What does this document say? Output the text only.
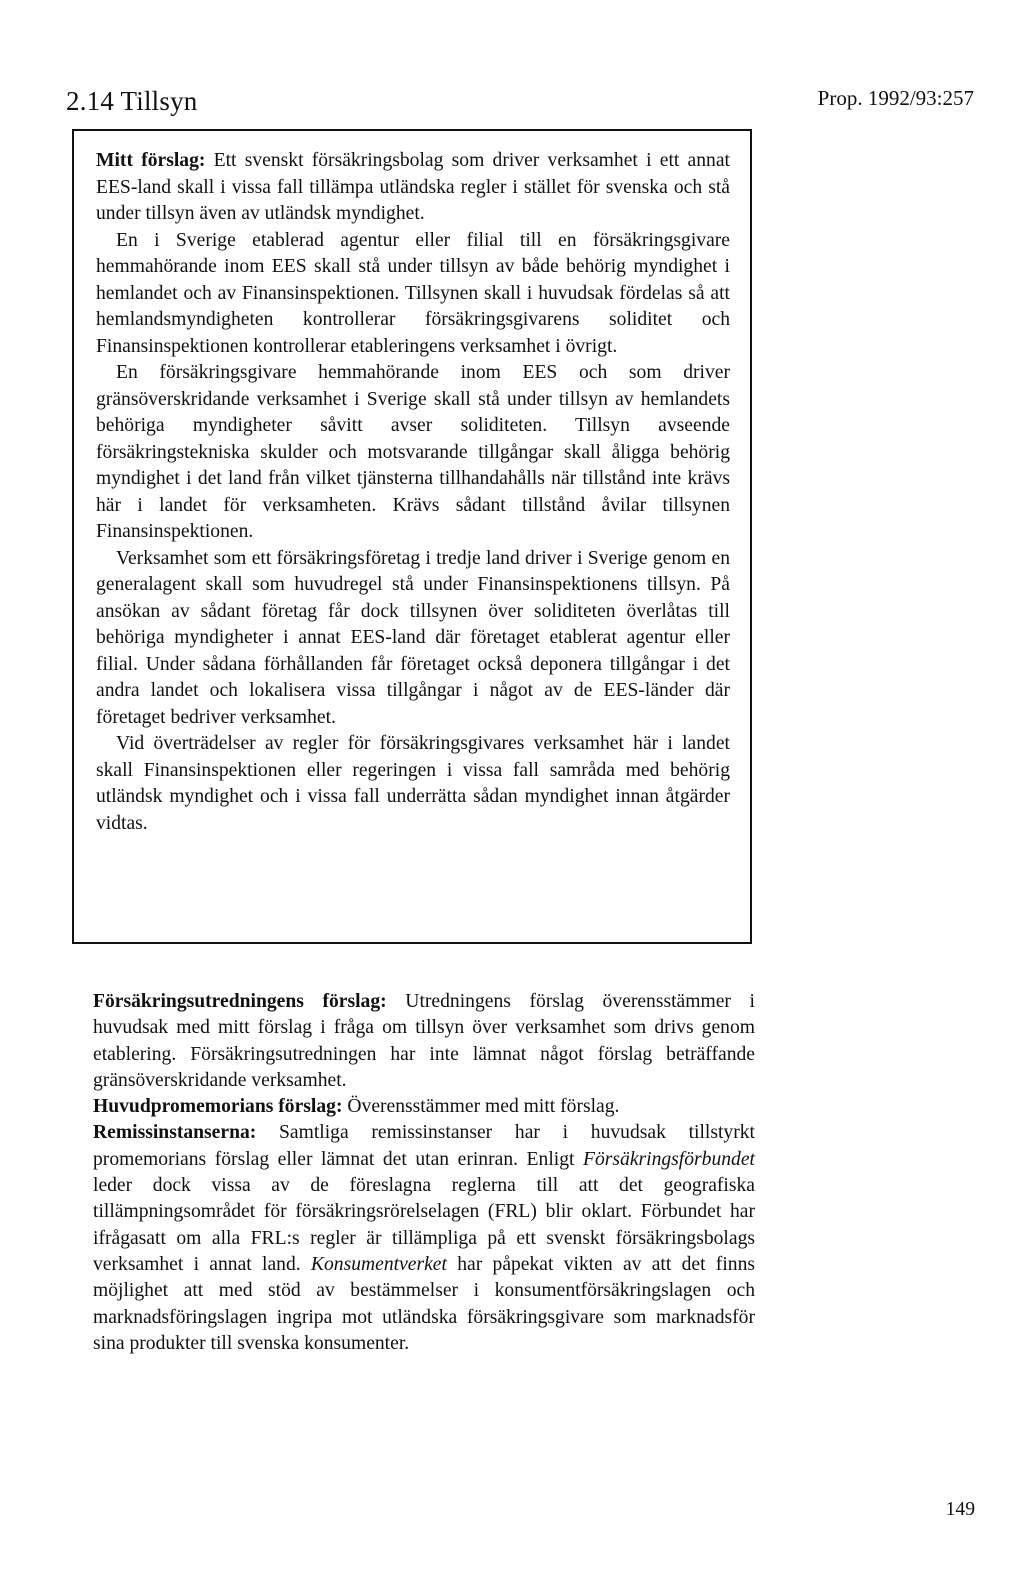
2.14 Tillsyn	Prop. 1992/93:257

Mitt förslag: Ett svenskt försäkringsbolag som driver verksamhet i ett annat EES-land skall i vissa fall tillämpa utländska regler i stället för svenska och stå under tillsyn även av utländsk myndighet.

En i Sverige etablerad agentur eller filial till en försäkringsgivare hemmahörande inom EES skall stå under tillsyn av både behörig myndighet i hemlandet och av Finansinspektionen. Tillsynen skall i huvudsak fördelas så att hemlandsmyndigheten kontrollerar försäkringsgivarens soliditet och Finansinspektionen kontrollerar etableringens verksamhet i övrigt.

En försäkringsgivare hemmahörande inom EES och som driver gränsöverskridande verksamhet i Sverige skall stå under tillsyn av hemlandets behöriga myndigheter såvitt avser soliditeten. Tillsyn avseende försäkringstekniska skulder och motsvarande tillgångar skall åligga behörig myndighet i det land från vilket tjänsterna tillhandahålls när tillstånd inte krävs här i landet för verksamheten. Krävs sådant tillstånd åvilar tillsynen Finansinspektionen.

Verksamhet som ett försäkringsföretag i tredje land driver i Sverige genom en generalagent skall som huvudregel stå under Finansinspektionens tillsyn. På ansökan av sådant företag får dock tillsynen över soliditeten överlåtas till behöriga myndigheter i annat EES-land där företaget etablerat agentur eller filial. Under sådana förhållanden får företaget också deponera tillgångar i det andra landet och lokalisera vissa tillgångar i något av de EES-länder där företaget bedriver verksamhet.

Vid överträdelser av regler för försäkringsgivares verksamhet här i landet skall Finansinspektionen eller regeringen i vissa fall samråda med behörig utländsk myndighet och i vissa fall underrätta sådan myndighet innan åtgärder vidtas.

Försäkringsutredningens förslag: Utredningens förslag överensstämmer i huvudsak med mitt förslag i fråga om tillsyn över verksamhet som drivs genom etablering. Försäkringsutredningen har inte lämnat något förslag beträffande gränsöverskridande verksamhet.

Huvudpromemorians förslag: Överensstämmer med mitt förslag.

Remissinstanserna: Samtliga remissinstanser har i huvudsak tillstyrkt promemorians förslag eller lämnat det utan erinran. Enligt Försäkringsförbundet leder dock vissa av de föreslagna reglerna till att det geografiska tillämpningsområdet för försäkringsrörelselagen (FRL) blir oklart. Förbundet har ifrågasatt om alla FRL:s regler är tillämpliga på ett svenskt försäkringsbolags verksamhet i annat land. Konsumentverket har påpekat vikten av att det finns möjlighet att med stöd av bestämmelser i konsumentförsäkringslagen och marknadsföringslagen ingripa mot utländska försäkringsgivare som marknadsför sina produkter till svenska konsumenter.

149
